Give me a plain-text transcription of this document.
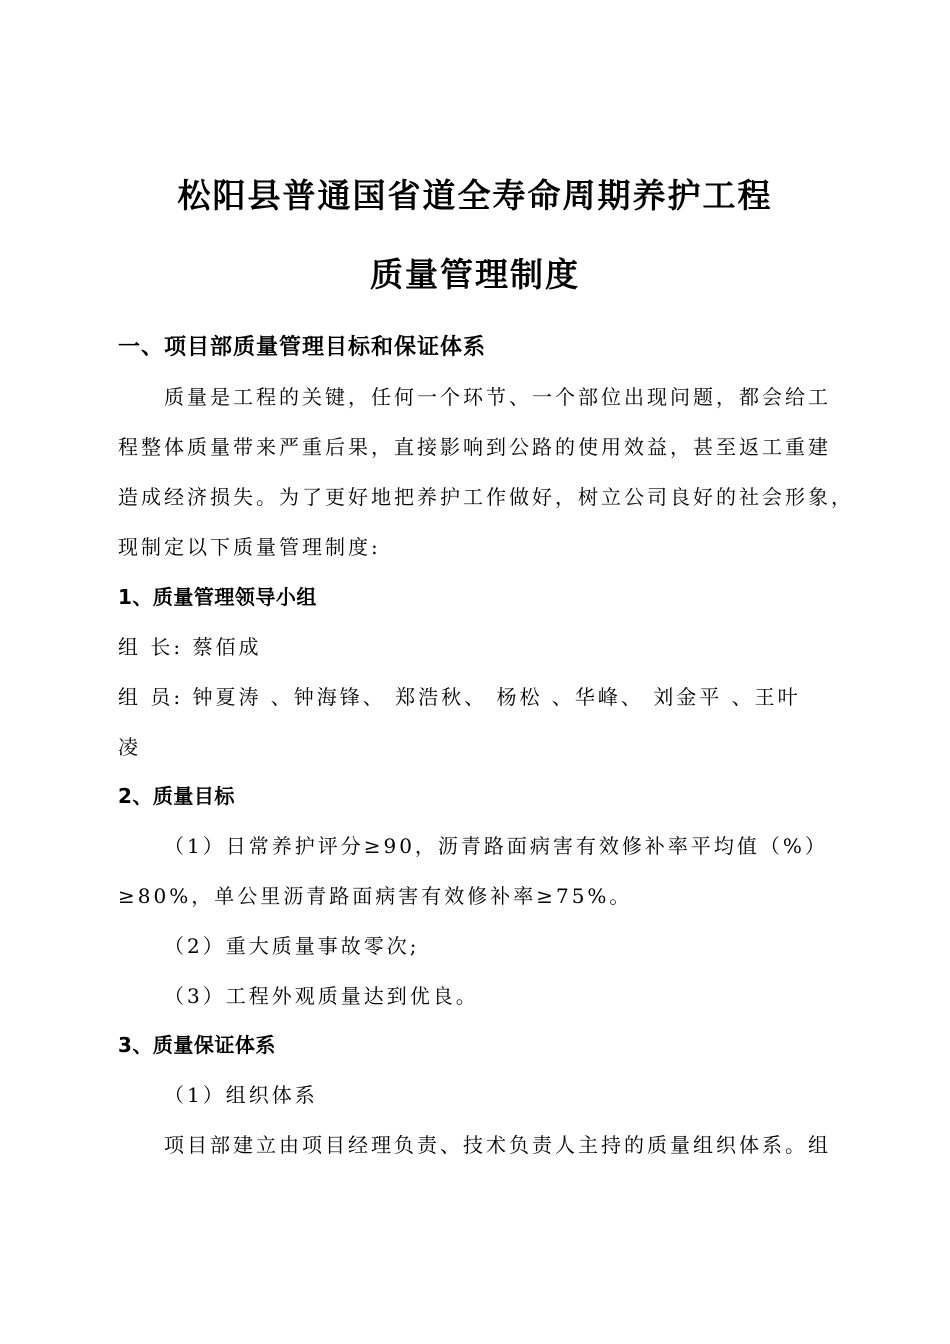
松阳县普通国省道全寿命周期养护工程
质量管理制度
一、项目部质量管理目标和保证体系
质量是工程的关键，任何一个环节、一个部位出现问题，都会给工
程整体质量带来严重后果，直接影响到公路的使用效益，甚至返工重建
造成经济损失。为了更好地把养护工作做好，树立公司良好的社会形象，
现制定以下质量管理制度:
1、质量管理领导小组
组 长: 蔡佰成
组 员: 钟夏涛 、钟海锋、 郑浩秋、 杨松 、华峰、 刘金平 、王叶
凌
2、质量目标
（1）日常养护评分≥90，沥青路面病害有效修补率平均值（%）
≥80%，单公里沥青路面病害有效修补率≥75%。
（2）重大质量事故零次;
（3）工程外观质量达到优良。
3、质量保证体系
（1）组织体系
项目部建立由项目经理负责、技术负责人主持的质量组织体系。组
